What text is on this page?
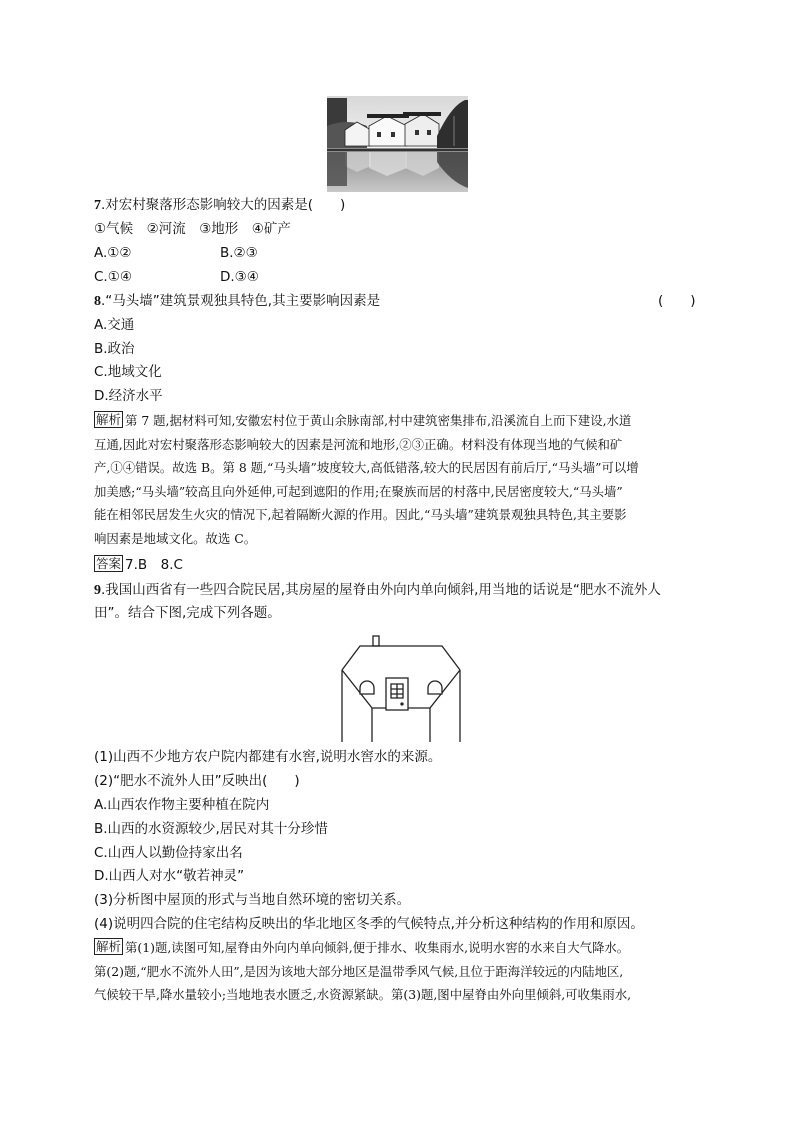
7.对宏村聚落形态影响较大的因素是(　　)
①气候　②河流　③地形　④矿产
A.①②	B.②③
C.①④	D.③④
8.“马头墙”建筑景观独具特色,其主要影响因素是	(　　)
A.交通
B.政治
C.地域文化
D.经济水平
解析 第 7 题,据材料可知,安徽宏村位于黄山余脉南部,村中建筑密集排布,沿溪流自上而下建设,水道
互通,因此对宏村聚落形态影响较大的因素是河流和地形,②③正确。材料没有体现当地的气候和矿
产,①④错误。故选 B。第 8 题,“马头墙”坡度较大,高低错落,较大的民居因有前后厅,“马头墙”可以增
加美感;“马头墙”较高且向外延伸,可起到遮阳的作用;在聚族而居的村落中,民居密度较大,“马头墙”
能在相邻民居发生火灾的情况下,起着隔断火源的作用。因此,“马头墙”建筑景观独具特色,其主要影
响因素是地域文化。故选 C。
答案 7.B　8.C
9.我国山西省有一些四合院民居,其房屋的屋脊由外向内单向倾斜,用当地的话说是“肥水不流外人
田”。结合下图,完成下列各题。
(1)山西不少地方农户院内都建有水窖,说明水窖水的来源。
(2)“肥水不流外人田”反映出(　　)
A.山西农作物主要种植在院内
B.山西的水资源较少,居民对其十分珍惜
C.山西人以勤俭持家出名
D.山西人对水“敬若神灵”
(3)分析图中屋顶的形式与当地自然环境的密切关系。
(4)说明四合院的住宅结构反映出的华北地区冬季的气候特点,并分析这种结构的作用和原因。
解析 第(1)题,读图可知,屋脊由外向内单向倾斜,便于排水、收集雨水,说明水窖的水来自大气降水。
第(2)题,“肥水不流外人田”,是因为该地大部分地区是温带季风气候,且位于距海洋较远的内陆地区,
气候较干旱,降水量较小;当地地表水匮乏,水资源紧缺。第(3)题,图中屋脊由外向里倾斜,可收集雨水,
